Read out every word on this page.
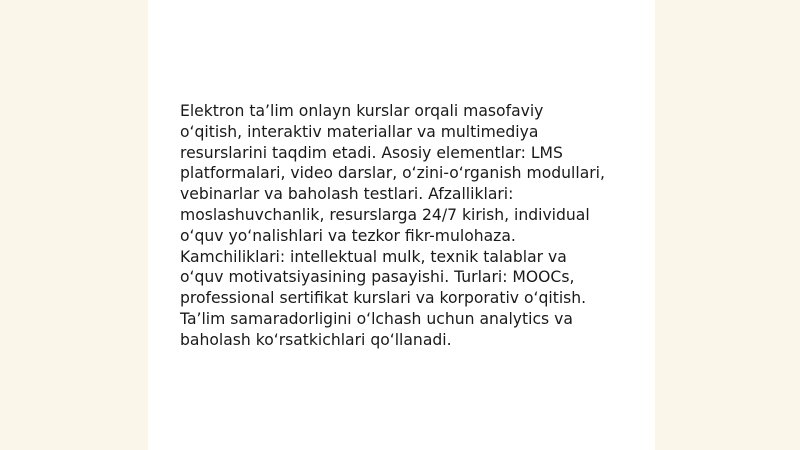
Elektron ta’lim onlayn kurslar orqali masofaviy
o‘qitish, interaktiv materiallar va multimediya
resurslarini taqdim etadi. Asosiy elementlar: LMS
platformalari, video darslar, o‘zini-o‘rganish modullari,
vebinarlar va baholash testlari. Afzalliklari:
moslashuvchanlik, resurslarga 24/7 kirish, individual
o‘quv yo‘nalishlari va tezkor fikr-mulohaza.
Kamchiliklari: intellektual mulk, texnik talablar va
o‘quv motivatsiyasining pasayishi. Turlari: MOOCs,
professional sertifikat kurslari va korporativ o‘qitish.
Ta’lim samaradorligini o‘lchash uchun analytics va
baholash ko‘rsatkichlari qo‘llanadi.
